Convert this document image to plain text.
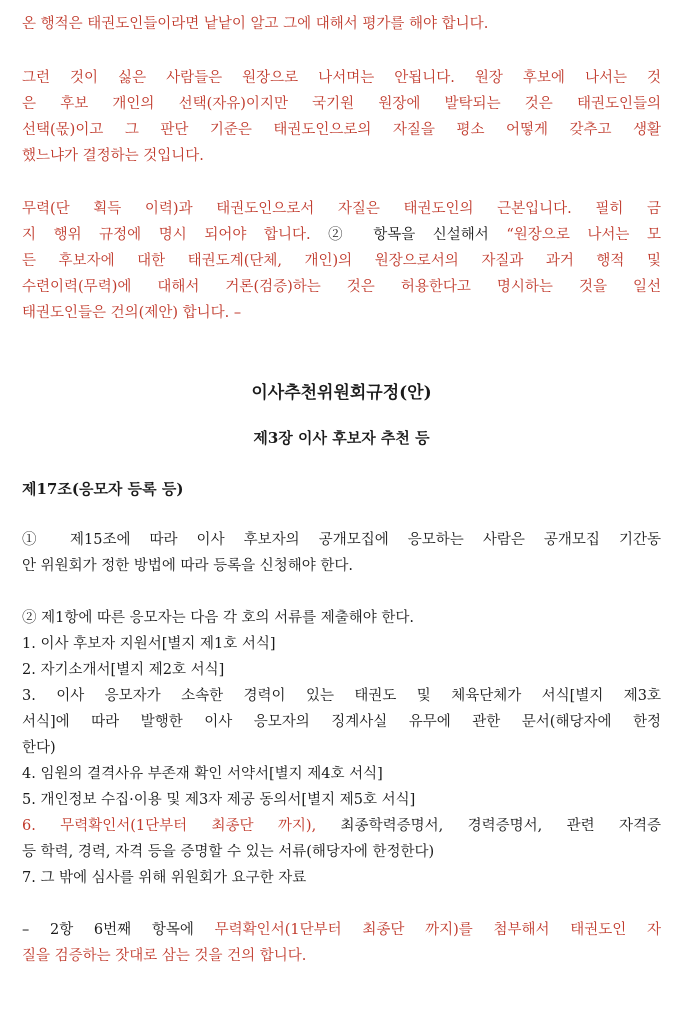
온 행적은 태권도인들이라면 낱낱이 알고 그에 대해서 평가를 해야 합니다.
그런 것이 싫은 사람들은 원장으로 나서며는 안됩니다. 원장 후보에 나서는 것
은 후보 개인의 선택(자유)이지만 국기원 원장에 발탁되는 것은 태권도인들의
선택(몫)이고 그 판단 기준은 태권도인으로의 자질을 평소 어떻게 갖추고 생활
했느냐가 결정하는 것입니다.
무력(단 획득 이력)과 태권도인으로서 자질은 태권도인의 근본입니다. 필히 금
지 행위 규정에 명시 되어야 합니다. ② 항목을 신설해서 “원장으로 나서는 모
든 후보자에 대한 태권도계(단체, 개인)의 원장으로서의 자질과 과거 행적 및
수련이력(무력)에 대해서 거론(검증)하는 것은 허용한다고 명시하는 것을 일선
태권도인들은 건의(제안) 합니다. –
이사추천위원회규정(안)
제3장 이사 후보자 추천 등
제17조(응모자 등록 등)
① 제15조에 따라 이사 후보자의 공개모집에 응모하는 사람은 공개모집 기간동
안 위원회가 정한 방법에 따라 등록을 신청해야 한다.
② 제1항에 따른 응모자는 다음 각 호의 서류를 제출해야 한다.
1. 이사 후보자 지원서[별지 제1호 서식]
2. 자기소개서[별지 제2호 서식]
3. 이사 응모자가 소속한 경력이 있는 태권도 및 체육단체가 서식[별지 제3호
서식]에 따라 발행한 이사 응모자의 징계사실 유무에 관한 문서(해당자에 한정
한다)
4. 임원의 결격사유 부존재 확인 서약서[별지 제4호 서식]
5. 개인정보 수집·이용 및 제3자 제공 동의서[별지 제5호 서식]
6. 무력확인서(1단부터 최종단 까지), 최종학력증명서, 경력증명서, 관련 자격증
등 학력, 경력, 자격 등을 증명할 수 있는 서류(해당자에 한정한다)
7. 그 밖에 심사를 위해 위원회가 요구한 자료
– 2항 6번째 항목에 무력확인서(1단부터 최종단 까지)를 첨부해서 태권도인 자
질을 검증하는 잣대로 삼는 것을 건의 합니다.
